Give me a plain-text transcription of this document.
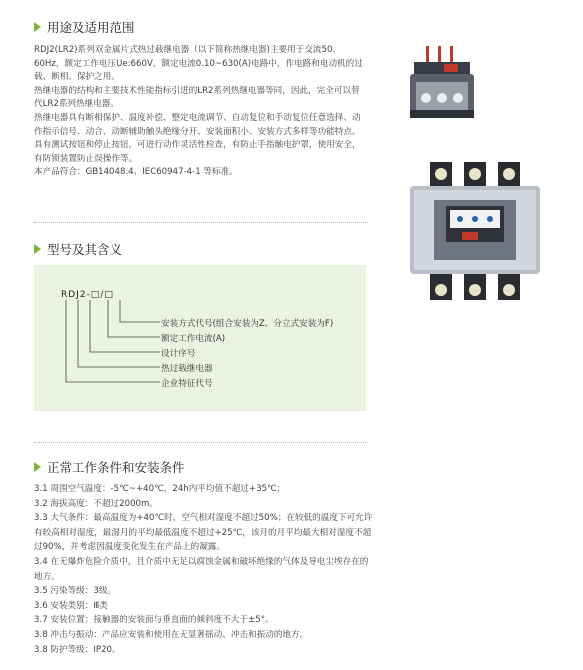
用途及适用范围

RDJ2(LR2)系列双金属片式热过载继电器（以下简称热继电器)主要用于交流50、60Hz，额定工作电压Ue:660V，额定电流0.10~630(A)电路中，作电路和电动机的过载、断相、保护之用。

热继电器的结构和主要技术性能指标引进的LR2系列热继电器等同，因此，完全可以替代LR2系列热继电器。

热继电器具有断相保护、温度补偿、整定电流调节、自动复位和手动复位任意选择、动作指示信号、动合、动断辅助触头绝缘分开、安装面积小、安装方式多样等功能特点。具有测试按钮和停止按钮，可进行动作灵活性检查，有防止手指触电护罩，使用安全，有防锁装置防止误操作等。

本产品符合：GB14048.4、IEC60947-4-1 等标准。

型号及其含义
RDJ2-□/□
安装方式代号(组合安装为Z、分立式安装为F)
额定工作电流(A)
设计序号
热过载继电器
企业特征代号
正常工作条件和安装条件

3.1 周围空气温度：-5℃~+40℃，24h内平均值不超过+35℃；

3.2 海拔高度：不超过2000m。

3.3 大气条件：最高温度为+40℃时，空气相对湿度不超过50%；在较低的温度下可允许有较高相对湿度，最湿月的平均最低温度不超过+25℃，该月的月平均最大相对湿度不超过90%，并考虑因温度变化发生在产品上的凝露。

3.4 在无爆炸危险介质中，且介质中无足以腐蚀金属和破坏绝缘的气体及导电尘埃存在的地方。

3.5 污染等级：3级。

3.6 安装类别：Ⅲ类

3.7 安装位置：接触器的安装面与垂直面的倾斜度不大于±5°。

3.8 冲击与振动：产品应安装和使用在无显著摇动、冲击和振动的地方。

3.8 防护等级：IP20。
